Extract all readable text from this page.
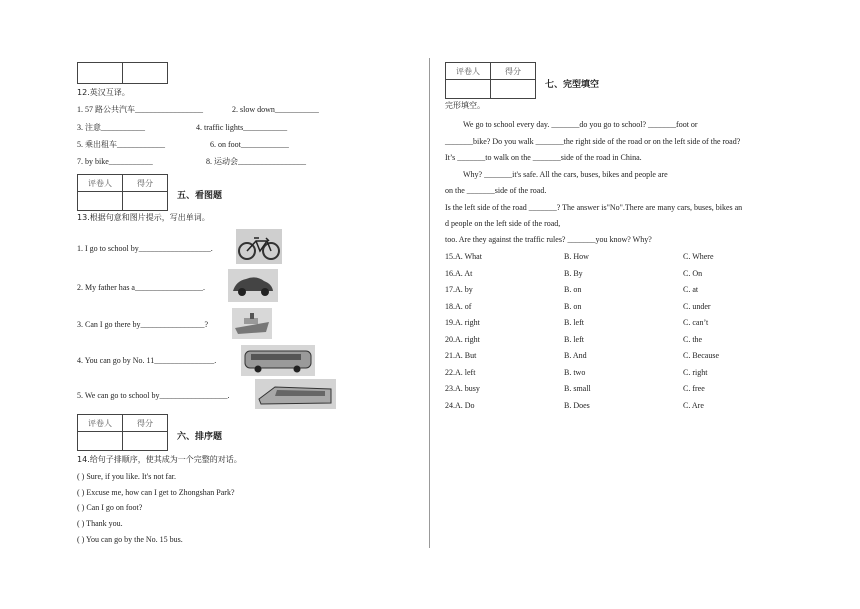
12.英汉互译。
1. 57 路公共汽车_________________	2. slow down___________
3. 注意___________	4. traffic lights___________
5. 乘出租车____________	6. on foot____________
7. by bike___________	8. 运动会_________________
评卷人	得分

五、看图题
13.根据句意和图片提示，写出单词。
1. I go to school by__________________.
2. My father has a_________________.
3. Can I go there by________________?
4. You can go by No. 11_______________.
5. We can go to school by_________________.
评卷人	得分

六、排序题
14.给句子排顺序，使其成为一个完整的对话。
( ) Sure, if you like. It's not far.
( ) Excuse me, how can I get to Zhongshan Park?
( ) Can I go on foot?
( ) Thank you.
( ) You can go by the No. 15 bus.
评卷人	得分

七、完型填空
完形填空。
We go to school every day. _______do you go to school? _______foot or
_______bike? Do you walk _______the right side of the road or on the left side of the road?
It’s _______to walk on the _______side of the road in China.
Why? _______it's safe. All the cars, buses, bikes and people are
on the _______side of the road.
Is the left side of the road _______? The answer is"No".There are many cars, buses, bikes an
d people on the left side of the road,
too. Are they against the traffic rules? _______you know? Why?
15.A. What	B. How	C. Where
16.A. At	B. By	C. On
17.A. by	B. on	C. at
18.A. of	B. on	C. under
19.A. right	B. left	C. can’t
20.A. right	B. left	C. the
21.A. But	B. And	C. Because
22.A. left	B. two	C. right
23.A. busy	B. small	C. free
24.A. Do	B. Does	C. Are
